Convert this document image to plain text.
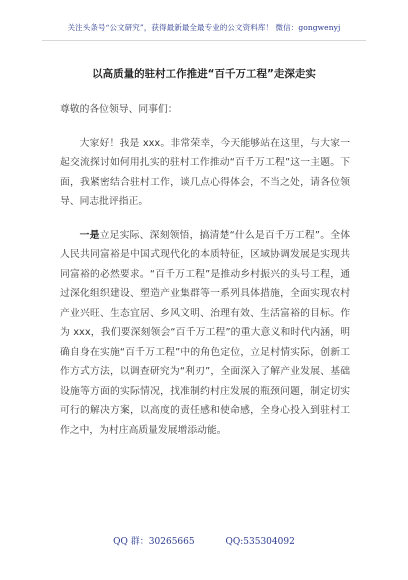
关注头条号“公文研究”，获得最新最全最专业的公文资料库！ 微信：gongwenyj
以高质量的驻村工作推进“百千万工程”走深走实

尊敬的各位领导、同事们：

大家好！我是 xxx。非常荣幸，今天能够站在这里，与大家一起交流探讨如何用扎实的驻村工作推动“百千万工程”这一主题。下面，我紧密结合驻村工作，谈几点心得体会，不当之处，请各位领导、同志批评指正。

一是立足实际、深刻领悟，搞清楚“什么是百千万工程”。全体人民共同富裕是中国式现代化的本质特征，区域协调发展是实现共同富裕的必然要求。“百千万工程”是推动乡村振兴的头号工程，通过深化组织建设、塑造产业集群等一系列具体措施，全面实现农村产业兴旺、生态宜居、乡风文明、治理有效、生活富裕的目标。作为 xxx，我们要深刻领会“百千万工程”的重大意义和时代内涵，明确自身在实施“百千万工程”中的角色定位，立足村情实际，创新工作方式方法，以调查研究为“利刃”，全面深入了解产业发展、基础设施等方面的实际情况，找准制约村庄发展的瓶颈问题，制定切实可行的解决方案，以高度的责任感和使命感，全身心投入到驻村工作之中，为村庄高质量发展增添动能。

QQ 群：30265665	QQ:535304092
